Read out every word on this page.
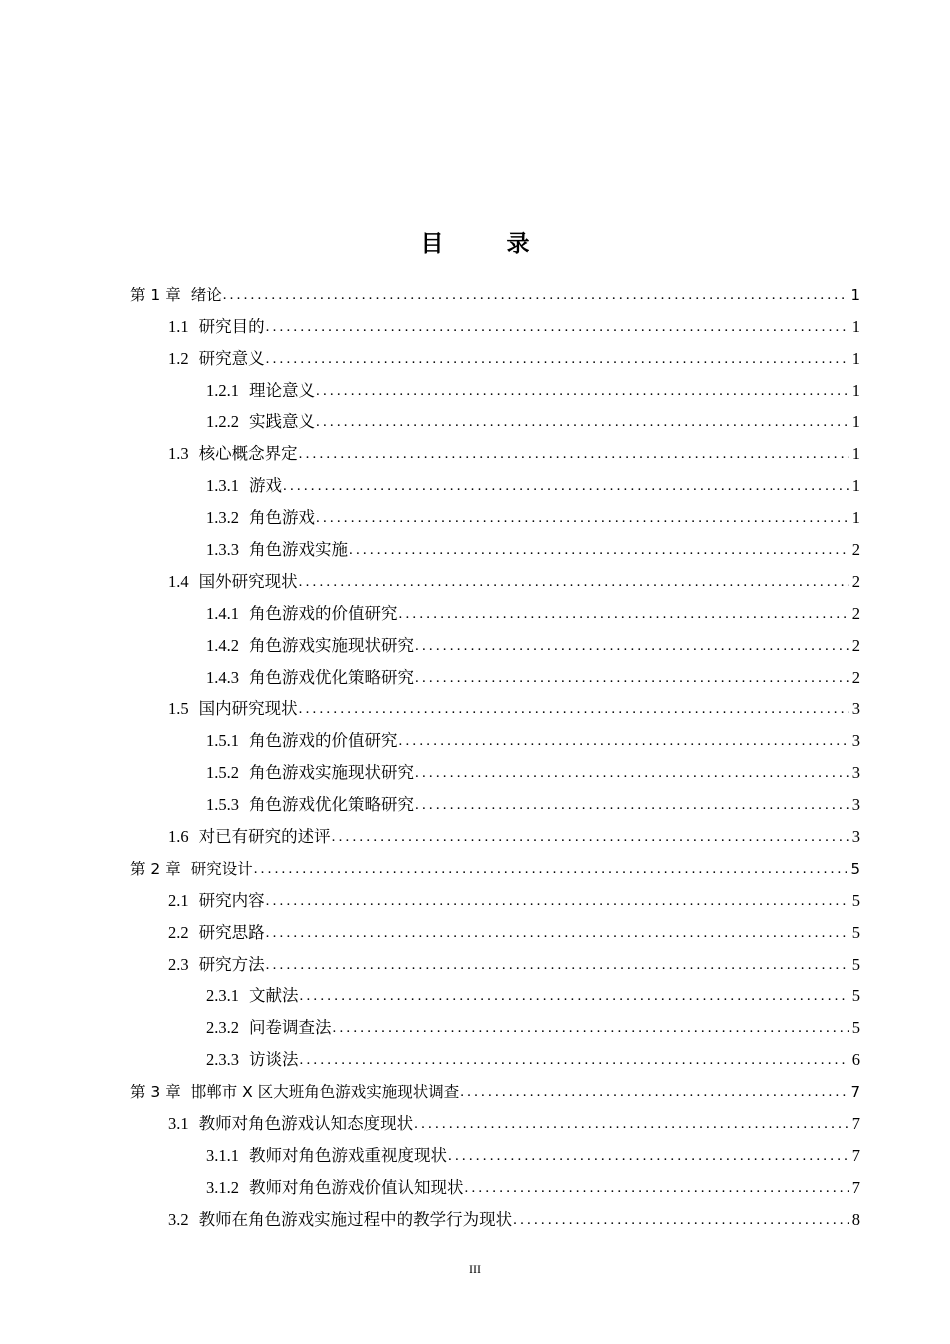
目　录
第 1 章 绪论 .....	1
1.1 研究目的 .....	1
1.2 研究意义 .....	1
1.2.1 理论意义 .....	1
1.2.2 实践意义 .....	1
1.3 核心概念界定 .....	1
1.3.1 游戏 .....	1
1.3.2 角色游戏 .....	1
1.3.3 角色游戏实施 .....	2
1.4 国外研究现状 .....	2
1.4.1 角色游戏的价值研究 .....	2
1.4.2 角色游戏实施现状研究 .....	2
1.4.3 角色游戏优化策略研究 .....	2
1.5 国内研究现状 .....	3
1.5.1 角色游戏的价值研究 .....	3
1.5.2 角色游戏实施现状研究 .....	3
1.5.3 角色游戏优化策略研究 .....	3
1.6 对已有研究的述评 .....	3
第 2 章 研究设计 .....	5
2.1 研究内容 .....	5
2.2 研究思路 .....	5
2.3 研究方法 .....	5
2.3.1 文献法 .....	5
2.3.2 问卷调查法 .....	5
2.3.3 访谈法 .....	6
第 3 章 邯郸市 X 区大班角色游戏实施现状调查 .....	7
3.1 教师对角色游戏认知态度现状 .....	7
3.1.1 教师对角色游戏重视度现状 .....	7
3.1.2 教师对角色游戏价值认知现状 .....	7
3.2 教师在角色游戏实施过程中的教学行为现状 .....	8
III
